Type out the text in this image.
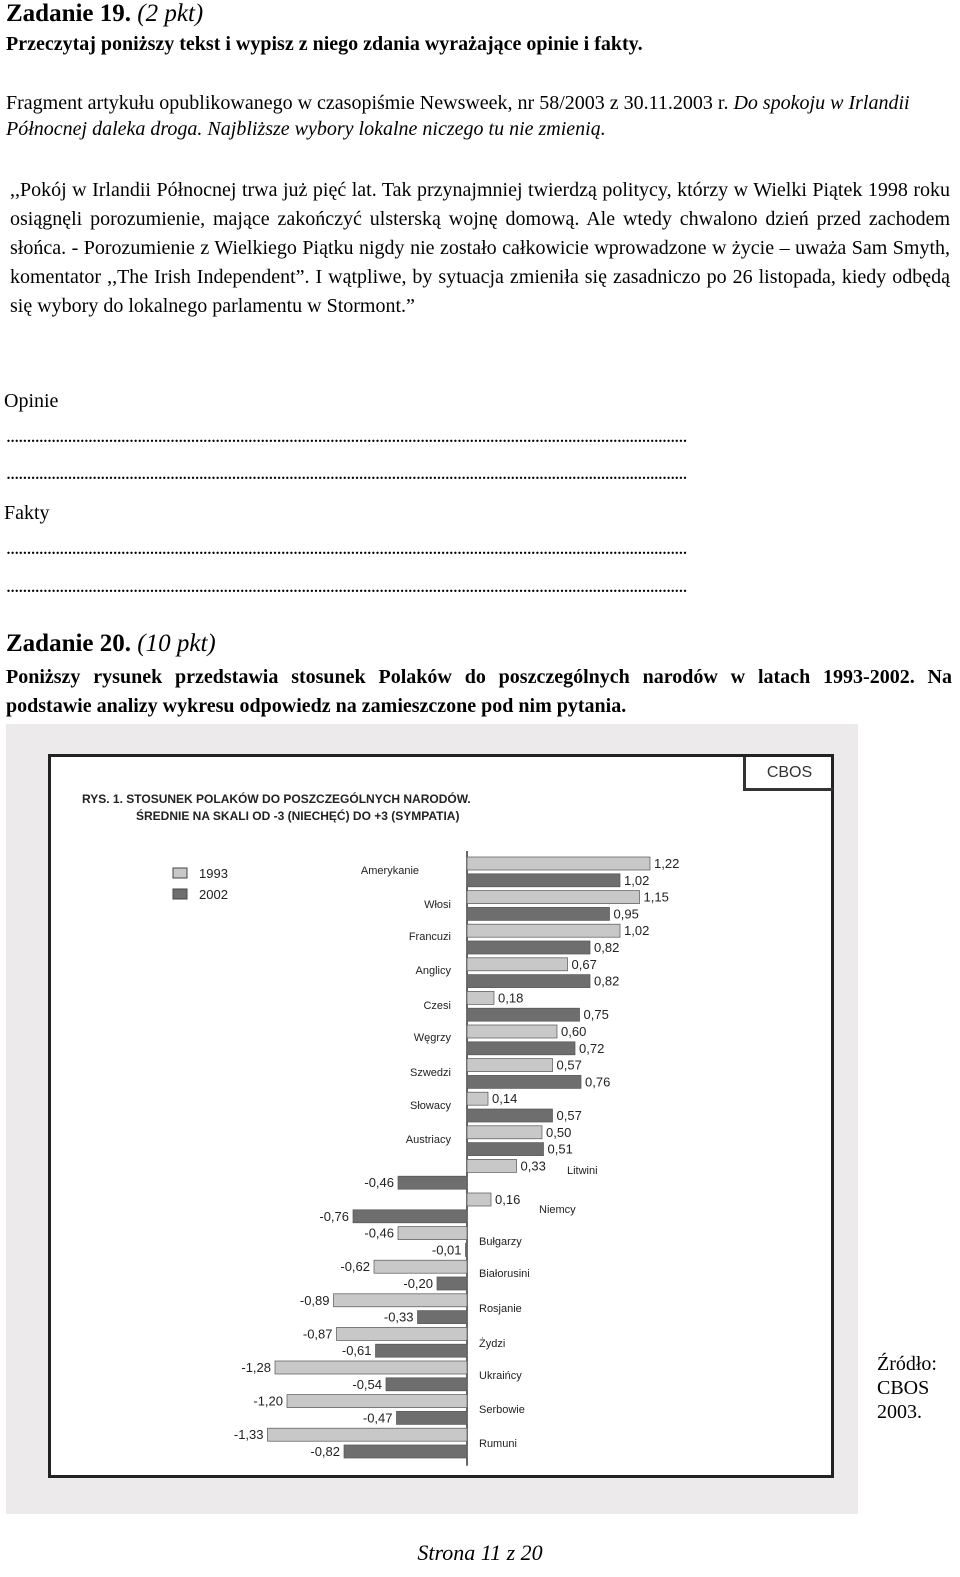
Zadanie 19. (2 pkt)
Przeczytaj poniższy tekst i wypisz z niego zdania wyrażające opinie i fakty.
Fragment artykułu opublikowanego w czasopiśmie Newsweek, nr 58/2003 z 30.11.2003 r. Do spokoju w Irlandii Północnej daleka droga. Najbliższe wybory lokalne niczego tu nie zmienią.
,,Pokój w Irlandii Północnej trwa już pięć lat. Tak przynajmniej twierdzą politycy, którzy w Wielki Piątek 1998 roku osiągnęli porozumienie, mające zakończyć ulsterską wojnę domową. Ale wtedy chwalono dzień przed zachodem słońca. - Porozumienie z Wielkiego Piątku nigdy nie zostało całkowicie wprowadzone w życie – uważa Sam Smyth, komentator ,,The Irish Independent”. I wątpliwe, by sytuacja zmieniła się zasadniczo po 26 listopada, kiedy odbędą się wybory do lokalnego parlamentu w Stormont.”
Opinie
......................................................................................................................................................................
......................................................................................................................................................................
Fakty
......................................................................................................................................................................
......................................................................................................................................................................
Zadanie 20. (10 pkt)
Poniższy rysunek przedstawia stosunek Polaków do poszczególnych narodów w latach 1993-2002. Na podstawie analizy wykresu odpowiedz na zamieszczone pod nim pytania.
1993
2002
1,22
1,02
1,15
0,95
1,02
0,82
0,67
0,82
0,18
0,75
0,60
0,72
0,57
0,76
0,14
0,57
0,50
0,51
0,33
-0,46
0,16
-0,76
-0,46
-0,01
-0,62
-0,20
-0,89
-0,33
-0,87
-0,61
-1,28
-0,54
-1,20
-0,47
-1,33
-0,82
Amerykanie
Włosi
Francuzi
Anglicy
Czesi
Węgrzy
Szwedzi
Słowacy
Austriacy
Litwini
Niemcy
Bułgarzy
Białorusini
Rosjanie
Żydzi
Ukraińcy
Serbowie
Rumuni
CBOS
RYS. 1. STOSUNEK POLAKÓW DO POSZCZEGÓLNYCH NARODÓW.
ŚREDNIE NA SKALI OD -3 (NIECHĘĆ) DO +3 (SYMPATIA)
Źródło:
CBOS
2003.
Strona 11 z 20
